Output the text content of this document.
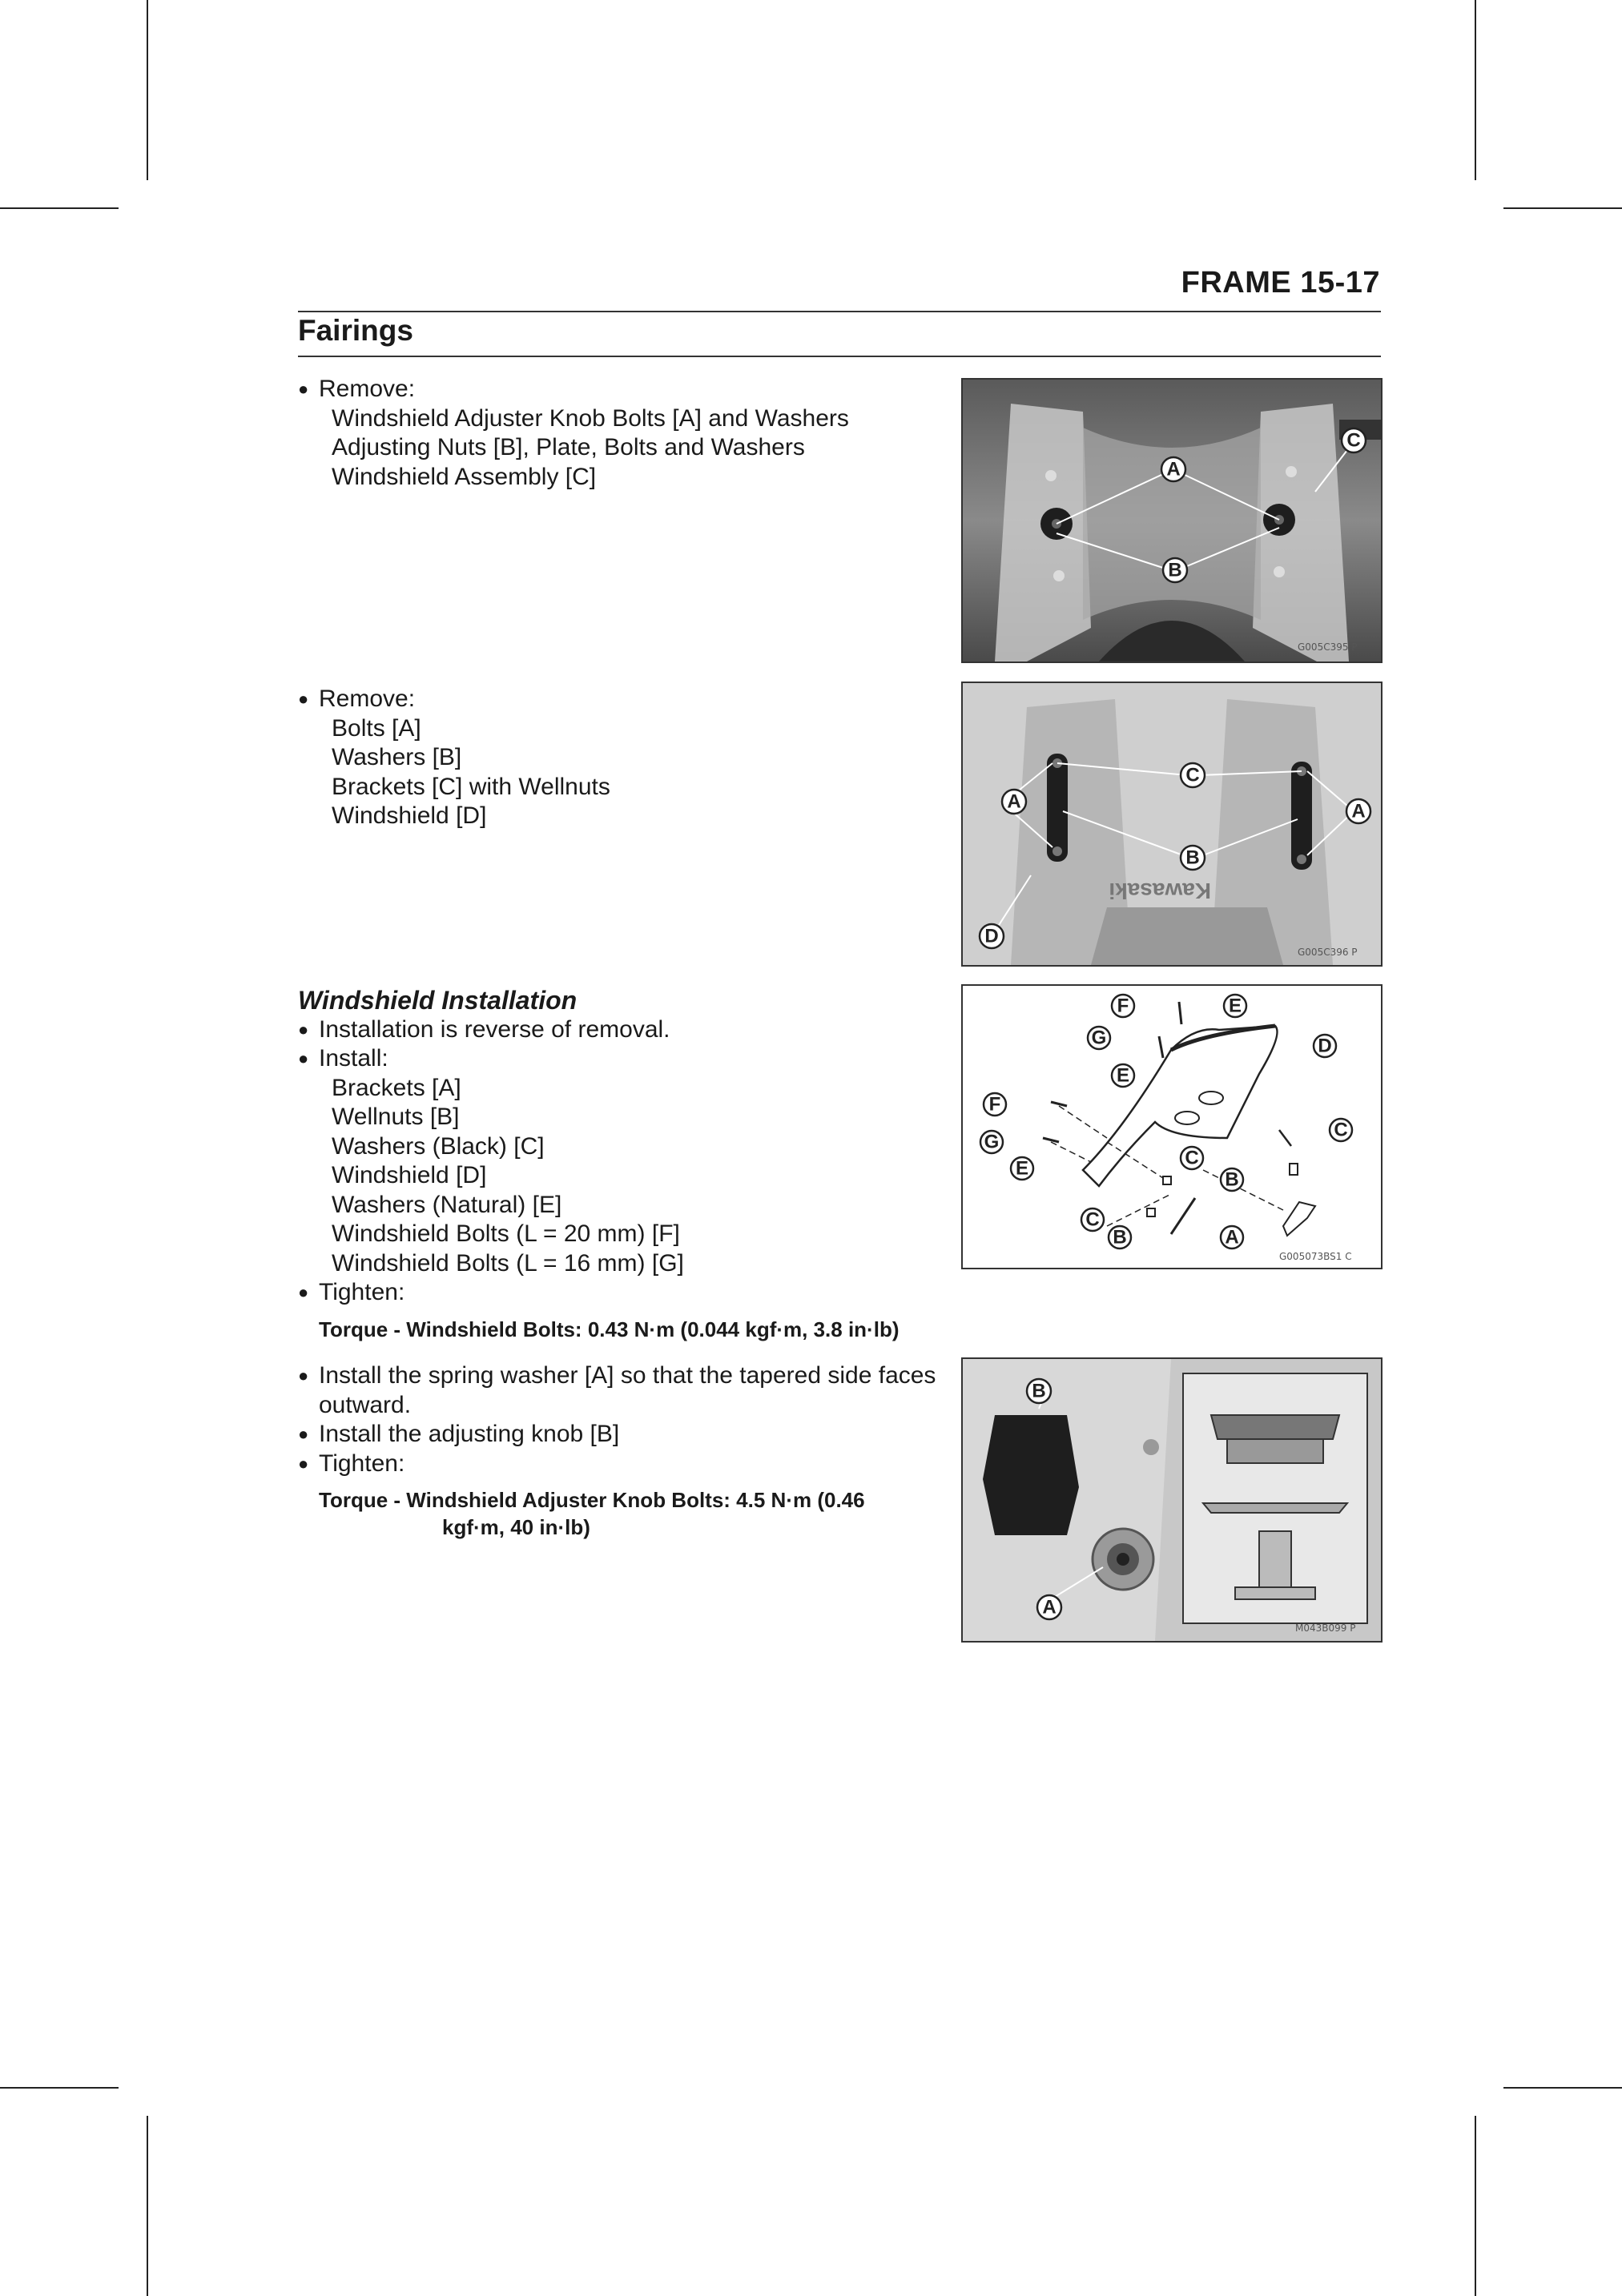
FRAME 15-17
Fairings
● Remove:
Windshield Adjuster Knob Bolts [A] and Washers
Adjusting Nuts [B], Plate, Bolts and Washers
Windshield Assembly [C]	A
B
C
G005C395 P
● Remove:
Bolts [A]
Washers [B]
Brackets [C] with Wellnuts
Windshield [D]
Kawasaki
C
A	A
B
D
G005C396 P
Windshield Installation
● Installation is reverse of removal.
● Install:
Brackets [A]
Wellnuts [B]
Washers (Black) [C]
Windshield [D]
Washers (Natural) [E]
Windshield Bolts (L = 20 mm) [F]
Windshield Bolts (L = 16 mm) [G]
● Tighten:
Torque - Windshield Bolts: 0.43 N·m (0.044 kgf·m, 3.8 in·lb)
F	E
G	D
E
F
G
C
E	C
B
C
B	A
G005073BS1 C
● Install the spring washer [A] so that the tapered side faces
outward.
● Install the adjusting knob [B]
● Tighten:
Torque - Windshield Adjuster Knob Bolts: 4.5 N·m (0.46
kgf·m, 40 in·lb)
B
A
M043B099 P
